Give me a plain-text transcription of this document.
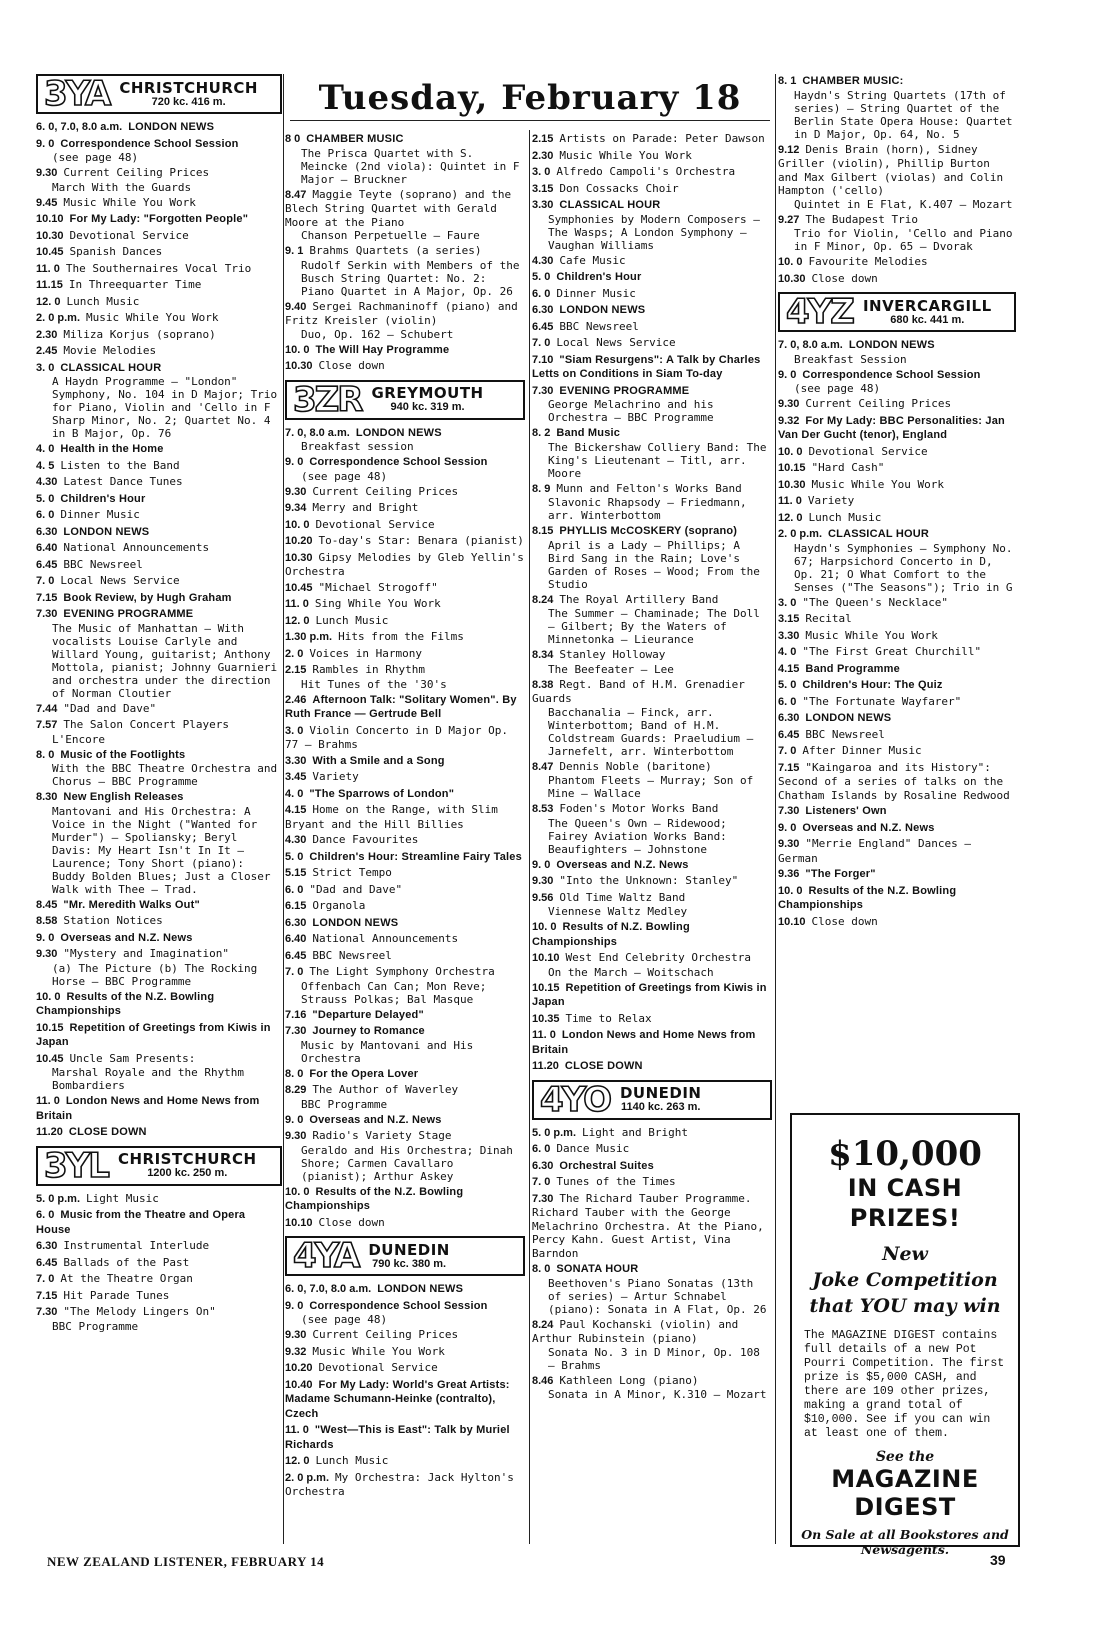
Tuesday, February 18
3YA CHRISTCHURCH
720 kc. 416 m.
6. 0, 7.0, 8.0 a.m. LONDON NEWS
9. 0 Correspondence School Session
(see page 48)
9.30 Current Ceiling Prices
March With the Guards
9.45 Music While You Work
10.10 For My Lady: "Forgotten People"
10.30 Devotional Service
10.45 Spanish Dances
11. 0 The Southernaires Vocal Trio
11.15 In Threequarter Time
12. 0 Lunch Music
2. 0 p.m. Music While You Work
2.30 Miliza Korjus (soprano)
2.45 Movie Melodies
3. 0 CLASSICAL HOUR
A Haydn Programme — "London" Symphony, No. 104 in D Major; Trio for Piano, Violin and 'Cello in F Sharp Minor, No. 2; Quartet No. 4 in B Major, Op. 76
4. 0 Health in the Home
4. 5 Listen to the Band
4.30 Latest Dance Tunes
5. 0 Children's Hour
6. 0 Dinner Music
6.30 LONDON NEWS
6.40 National Announcements
6.45 BBC Newsreel
7. 0 Local News Service
7.15 Book Review, by Hugh Graham
7.30 EVENING PROGRAMME
The Music of Manhattan — With vocalists Louise Carlyle and Willard Young, guitarist; Anthony Mottola, pianist; Johnny Guarnieri and orchestra under the direction of Norman Cloutier
7.44 "Dad and Dave"
7.57 The Salon Concert Players
L'Encore
8. 0 Music of the Footlights
With the BBC Theatre Orchestra and Chorus — BBC Programme
8.30 New English Releases
Mantovani and His Orchestra: A Voice in the Night ("Wanted for Murder") — Spoliansky; Beryl Davis: My Heart Isn't In It — Laurence; Tony Short (piano): Buddy Bolden Blues; Just a Closer Walk with Thee — Trad.
8.45 "Mr. Meredith Walks Out"
8.58 Station Notices
9. 0 Overseas and N.Z. News
9.30 "Mystery and Imagination"
(a) The Picture (b) The Rocking Horse — BBC Programme
10. 0 Results of the N.Z. Bowling Championships
10.15 Repetition of Greetings from Kiwis in Japan
10.45 Uncle Sam Presents:
Marshal Royale and the Rhythm Bombardiers
11. 0 London News and Home News from Britain
11.20 CLOSE DOWN
3YL CHRISTCHURCH
1200 kc. 250 m.
5. 0 p.m. Light Music
6. 0 Music from the Theatre and Opera House
6.30 Instrumental Interlude
6.45 Ballads of the Past
7. 0 At the Theatre Organ
7.15 Hit Parade Tunes
7.30 "The Melody Lingers On"
BBC Programme
8 0 CHAMBER MUSIC
The Prisca Quartet with S. Meincke (2nd viola): Quintet in F Major — Bruckner
8.47 Maggie Teyte (soprano) and the Blech String Quartet with Gerald Moore at the Piano
Chanson Perpetuelle — Faure
9. 1 Brahms Quartets (a series)
Rudolf Serkin with Members of the Busch String Quartet: No. 2: Piano Quartet in A Major, Op. 26
9.40 Sergei Rachmaninoff (piano) and Fritz Kreisler (violin)
Duo, Op. 162 — Schubert
10. 0 The Will Hay Programme
10.30 Close down
3ZR GREYMOUTH
940 kc. 319 m.
7. 0, 8.0 a.m. LONDON NEWS
Breakfast session
9. 0 Correspondence School Session
(see page 48)
9.30 Current Ceiling Prices
9.34 Merry and Bright
10. 0 Devotional Service
10.20 To-day's Star: Benara (pianist)
10.30 Gipsy Melodies by Gleb Yellin's Orchestra
10.45 "Michael Strogoff"
11. 0 Sing While You Work
12. 0 Lunch Music
1.30 p.m. Hits from the Films
2. 0 Voices in Harmony
2.15 Rambles in Rhythm
Hit Tunes of the '30's
2.46 Afternoon Talk: "Solitary Women". By Ruth France — Gertrude Bell
3. 0 Violin Concerto in D Major Op. 77 — Brahms
3.30 With a Smile and a Song
3.45 Variety
4. 0 "The Sparrows of London"
4.15 Home on the Range, with Slim Bryant and the Hill Billies
4.30 Dance Favourites
5. 0 Children's Hour: Streamline Fairy Tales
5.15 Strict Tempo
6. 0 "Dad and Dave"
6.15 Organola
6.30 LONDON NEWS
6.40 National Announcements
6.45 BBC Newsreel
7. 0 The Light Symphony Orchestra
Offenbach Can Can; Mon Reve; Strauss Polkas; Bal Masque
7.16 "Departure Delayed"
7.30 Journey to Romance
Music by Mantovani and His Orchestra
8. 0 For the Opera Lover
8.29 The Author of Waverley
BBC Programme
9. 0 Overseas and N.Z. News
9.30 Radio's Variety Stage
Geraldo and His Orchestra; Dinah Shore; Carmen Cavallaro (pianist); Arthur Askey
10. 0 Results of the N.Z. Bowling Championships
10.10 Close down
4YA DUNEDIN
790 kc. 380 m.
6. 0, 7.0, 8.0 a.m. LONDON NEWS
9. 0 Correspondence School Session
(see page 48)
9.30 Current Ceiling Prices
9.32 Music While You Work
10.20 Devotional Service
10.40 For My Lady: World's Great Artists: Madame Schumann-Heinke (contralto), Czech
11. 0 "West—This is East": Talk by Muriel Richards
12. 0 Lunch Music
2. 0 p.m. My Orchestra: Jack Hylton's Orchestra
2.15 Artists on Parade: Peter Dawson
2.30 Music While You Work
3. 0 Alfredo Campoli's Orchestra
3.15 Don Cossacks Choir
3.30 CLASSICAL HOUR
Symphonies by Modern Composers — The Wasps; A London Symphony — Vaughan Williams
4.30 Cafe Music
5. 0 Children's Hour
6. 0 Dinner Music
6.30 LONDON NEWS
6.45 BBC Newsreel
7. 0 Local News Service
7.10 "Siam Resurgens": A Talk by Charles Letts on Conditions in Siam To-day
7.30 EVENING PROGRAMME
George Melachrino and his Orchestra — BBC Programme
8. 2 Band Music
The Bickershaw Colliery Band: The King's Lieutenant — Titl, arr. Moore
8. 9 Munn and Felton's Works Band
Slavonic Rhapsody — Friedmann, arr. Winterbottom
8.15 PHYLLIS McCOSKERY (soprano)
April is a Lady — Phillips; A Bird Sang in the Rain; Love's Garden of Roses — Wood; From the Studio
8.24 The Royal Artillery Band
The Summer — Chaminade; The Doll — Gilbert; By the Waters of Minnetonka — Lieurance
8.34 Stanley Holloway
The Beefeater — Lee
8.38 Regt. Band of H.M. Grenadier Guards
Bacchanalia — Finck, arr. Winterbottom; Band of H.M. Coldstream Guards: Praeludium — Jarnefelt, arr. Winterbottom
8.47 Dennis Noble (baritone)
Phantom Fleets — Murray; Son of Mine — Wallace
8.53 Foden's Motor Works Band
The Queen's Own — Ridewood; Fairey Aviation Works Band: Beaufighters — Johnstone
9. 0 Overseas and N.Z. News
9.30 "Into the Unknown: Stanley"
9.56 Old Time Waltz Band
Viennese Waltz Medley
10. 0 Results of N.Z. Bowling Championships
10.10 West End Celebrity Orchestra
On the March — Woitschach
10.15 Repetition of Greetings from Kiwis in Japan
10.35 Time to Relax
11. 0 London News and Home News from Britain
11.20 CLOSE DOWN
4YO DUNEDIN
1140 kc. 263 m.
5. 0 p.m. Light and Bright
6. 0 Dance Music
6.30 Orchestral Suites
7. 0 Tunes of the Times
7.30 The Richard Tauber Programme. Richard Tauber with the George Melachrino Orchestra. At the Piano, Percy Kahn. Guest Artist, Vina Barndon
8. 0 SONATA HOUR
Beethoven's Piano Sonatas (13th of series) — Artur Schnabel (piano): Sonata in A Flat, Op. 26
8.24 Paul Kochanski (violin) and Arthur Rubinstein (piano)
Sonata No. 3 in D Minor, Op. 108 — Brahms
8.46 Kathleen Long (piano)
Sonata in A Minor, K.310 — Mozart
8. 1 CHAMBER MUSIC:
Haydn's String Quartets (17th of series) — String Quartet of the Berlin State Opera House: Quartet in D Major, Op. 64, No. 5
9.12 Denis Brain (horn), Sidney Griller (violin), Phillip Burton and Max Gilbert (violas) and Colin Hampton ('cello)
Quintet in E Flat, K.407 — Mozart
9.27 The Budapest Trio
Trio for Violin, 'Cello and Piano in F Minor, Op. 65 — Dvorak
10. 0 Favourite Melodies
10.30 Close down
4YZ INVERCARGILL
680 kc. 441 m.
7. 0, 8.0 a.m. LONDON NEWS
Breakfast Session
9. 0 Correspondence School Session
(see page 48)
9.30 Current Ceiling Prices
9.32 For My Lady: BBC Personalities: Jan Van Der Gucht (tenor), England
10. 0 Devotional Service
10.15 "Hard Cash"
10.30 Music While You Work
11. 0 Variety
12. 0 Lunch Music
2. 0 p.m. CLASSICAL HOUR
Haydn's Symphonies — Symphony No. 67; Harpsichord Concerto in D, Op. 21; O What Comfort to the Senses ("The Seasons"); Trio in G
3. 0 "The Queen's Necklace"
3.15 Recital
3.30 Music While You Work
4. 0 "The First Great Churchill"
4.15 Band Programme
5. 0 Children's Hour: The Quiz
6. 0 "The Fortunate Wayfarer"
6.30 LONDON NEWS
6.45 BBC Newsreel
7. 0 After Dinner Music
7.15 "Kaingaroa and its History": Second of a series of talks on the Chatham Islands by Rosaline Redwood
7.30 Listeners' Own
9. 0 Overseas and N.Z. News
9.30 "Merrie England" Dances — German
9.36 "The Forger"
10. 0 Results of the N.Z. Bowling Championships
10.10 Close down
$10,000
IN CASH PRIZES!
New
Joke Competition
that YOU may win
The MAGAZINE DIGEST contains full details of a new Pot Pourri Competition. The first prize is $5,000 CASH, and there are 109 other prizes, making a grand total of $10,000. See if you can win at least one of them.
See the
MAGAZINE
DIGEST
On Sale at all Bookstores and Newsagents.
NEW ZEALAND LISTENER, FEBRUARY 14	39
